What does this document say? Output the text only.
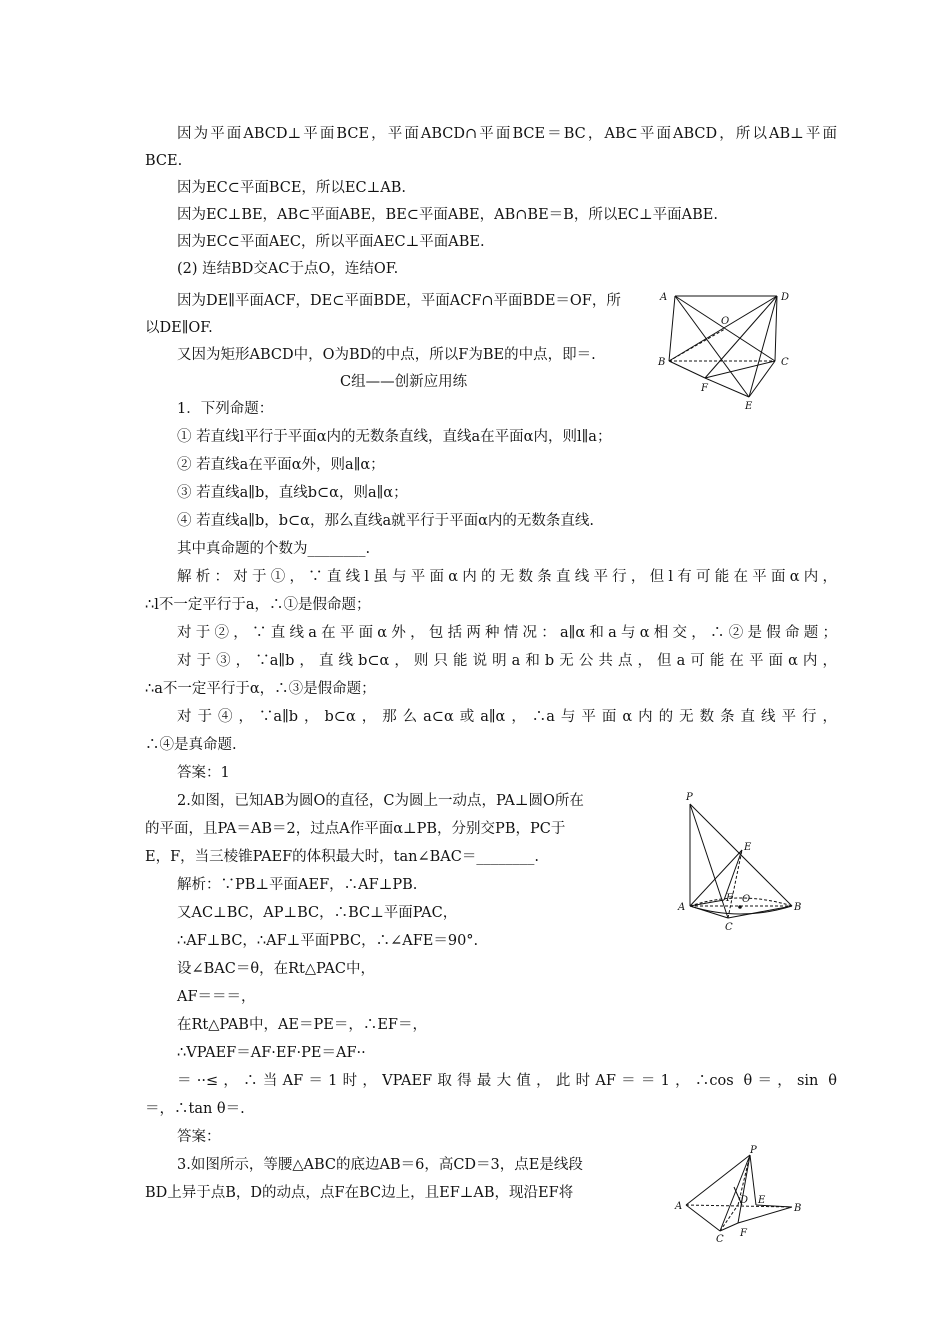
因为平面ABCD⊥平面BCE，平面ABCD∩平面BCE＝BC，AB⊂平面ABCD，所以AB⊥平面
BCE.
因为EC⊂平面BCE，所以EC⊥AB.
因为EC⊥BE，AB⊂平面ABE，BE⊂平面ABE，AB∩BE＝B，所以EC⊥平面ABE.
因为EC⊂平面AEC，所以平面AEC⊥平面ABE.
(2) 连结BD交AC于点O，连结OF.
因为DE∥平面ACF，DE⊂平面BDE，平面ACF∩平面BDE＝OF，所
以DE∥OF.
又因为矩形ABCD中，O为BD的中点，所以F为BE的中点，即＝.
C组——创新应用练
1．下列命题：
① 若直线l平行于平面α内的无数条直线，直线a在平面α内，则l∥a；
② 若直线a在平面α外，则a∥α；
③ 若直线a∥b，直线b⊂α，则a∥α；
④ 若直线a∥b，b⊂α，那么直线a就平行于平面α内的无数条直线.
其中真命题的个数为________.
解析：对于①，∵直线l虽与平面α内的无数条直线平行，但l有可能在平面α内，
∴l不一定平行于a，∴①是假命题；
对于②，∵直线a在平面α外，包括两种情况：a∥α和a与α相交，∴②是假命题；
对于③，∵a∥b，直线b⊂α，则只能说明a和b无公共点，但a可能在平面α内，
∴a不一定平行于α，∴③是假命题；
对于④，∵a∥b，b⊂α，那么a⊂α或a∥α，∴a与平面α内的无数条直线平行，
∴④是真命题.
答案：1
2.如图，已知AB为圆O的直径，C为圆上一动点，PA⊥圆O所在
的平面，且PA＝AB＝2，过点A作平面α⊥PB，分别交PB，PC于
E，F，当三棱锥PAEF的体积最大时，tan∠BAC＝________.
解析：∵PB⊥平面AEF，∴AF⊥PB.
又AC⊥BC，AP⊥BC，∴BC⊥平面PAC，
∴AF⊥BC，∴AF⊥平面PBC，∴∠AFE＝90°.
设∠BAC＝θ，在Rt△PAC中，
AF＝＝＝，
在Rt△PAB中，AE＝PE＝，∴EF＝，
∴VPAEF＝AF·EF·PE＝AF··
＝··≤，∴当AF＝1时，VPAEF取得最大值，此时AF＝＝1，∴cos θ＝，sin θ
＝，∴tan θ＝.
答案：
3.如图所示，等腰△ABC的底边AB＝6，高CD＝3，点E是线段
BD上异于点B，D的动点，点F在BC边上，且EF⊥AB，现沿EF将
A	D
O
B	C
F
E
P
E
F O
A	B
C
P
A
D E
B
C
F
